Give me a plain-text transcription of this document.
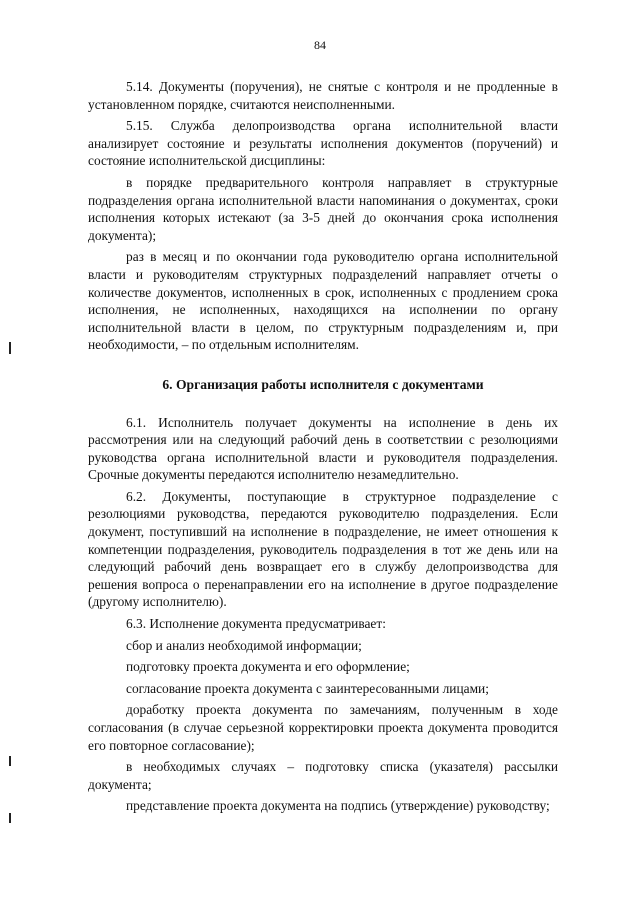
84

5.14. Документы (поручения), не снятые с контроля и не продленные в установленном порядке, считаются неисполненными.

5.15. Служба делопроизводства органа исполнительной власти анализирует состояние и результаты исполнения документов (поручений) и состояние исполнительской дисциплины:

в порядке предварительного контроля направляет в структурные подразделения органа исполнительной власти напоминания о документах, сроки исполнения которых истекают (за 3-5 дней до окончания срока исполнения документа);

раз в месяц и по окончании года руководителю органа исполнительной власти и руководителям структурных подразделений направляет отчеты о количестве документов, исполненных в срок, исполненных с продлением срока исполнения, не исполненных, находящихся на исполнении по органу исполнительной власти в целом, по структурным подразделениям и, при необходимости, – по отдельным исполнителям.

6. Организация работы исполнителя с документами

6.1. Исполнитель получает документы на исполнение в день их рассмотрения или на следующий рабочий день в соответствии с резолюциями руководства органа исполнительной власти и руководителя подразделения. Срочные документы передаются исполнителю незамедлительно.

6.2. Документы, поступающие в структурное подразделение с резолюциями руководства, передаются руководителю подразделения. Если документ, поступивший на исполнение в подразделение, не имеет отношения к компетенции подразделения, руководитель подразделения в тот же день или на следующий рабочий день возвращает его в службу делопроизводства для решения вопроса о перенаправлении его на исполнение в другое подразделение (другому исполнителю).

6.3. Исполнение документа предусматривает:

сбор и анализ необходимой информации;

подготовку проекта документа и его оформление;

согласование проекта документа с заинтересованными лицами;

доработку проекта документа по замечаниям, полученным в ходе согласования (в случае серьезной корректировки проекта документа проводится его повторное согласование);

в необходимых случаях – подготовку списка (указателя) рассылки документа;

представление проекта документа на подпись (утверждение) руководству;
